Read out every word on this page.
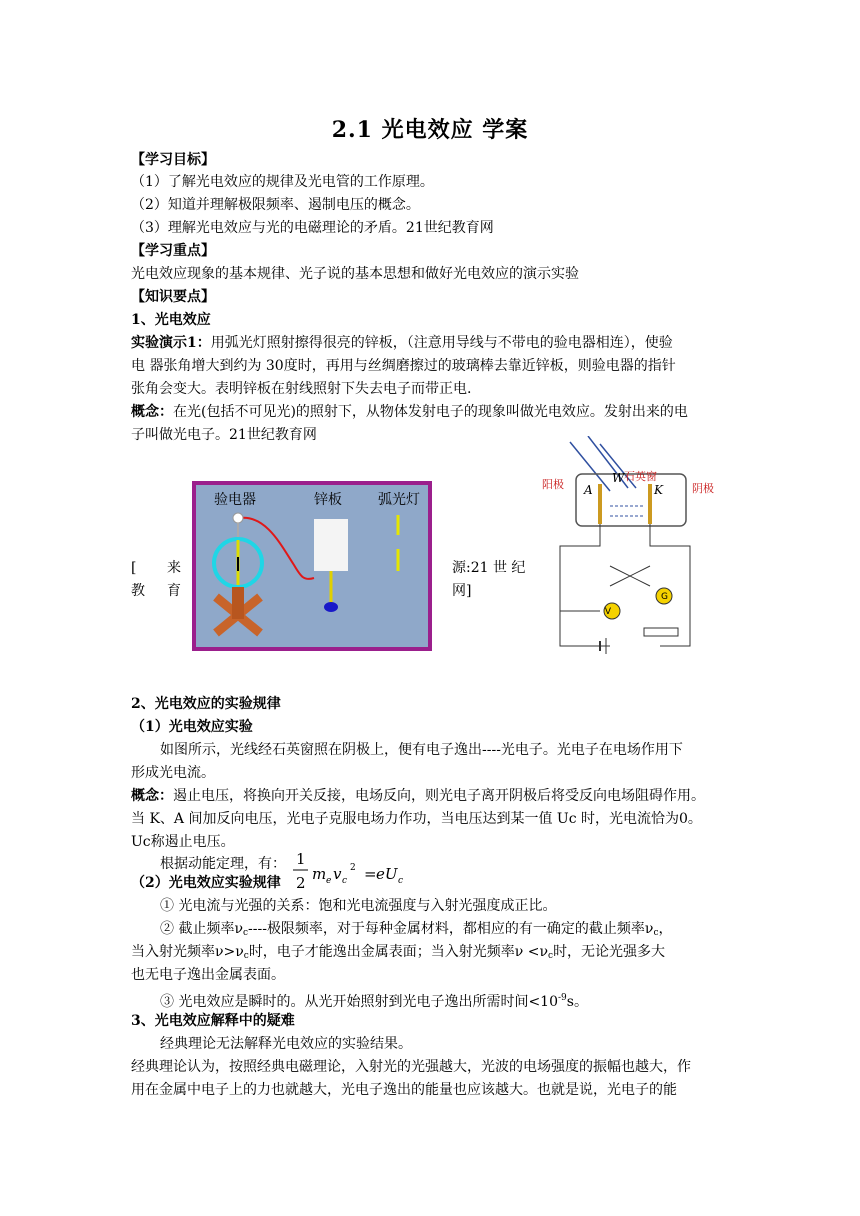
2.1 光电效应 学案
【学习目标】
（1）了解光电效应的规律及光电管的工作原理。
（2）知道并理解极限频率、遏制电压的概念。
（3）理解光电效应与光的电磁理论的矛盾。21世纪教育网
【学习重点】
光电效应现象的基本规律、光子说的基本思想和做好光电效应的演示实验
【知识要点】
1、光电效应
实验演示1：用弧光灯照射擦得很亮的锌板，（注意用导线与不带电的验电器相连），使验
电 器张角增大到约为 30度时，再用与丝绸磨擦过的玻璃棒去靠近锌板，则验电器的指针
张角会变大。表明锌板在射线照射下失去电子而带正电.
概念：在光(包括不可见光)的照射下，从物体发射电子的现象叫做光电效应。发射出来的电
子叫做光电子。21世纪教育网
[ 来	源:21 世 纪
教 育	网]
验电器	锌板	弧光灯
V
G
A	K
W
阳极
石英窗
阴极
2、光电效应的实验规律
（1）光电效应实验
如图所示，光线经石英窗照在阴极上，便有电子逸出----光电子。光电子在电场作用下
形成光电流。
概念：遏止电压，将换向开关反接，电场反向，则光电子离开阴极后将受反向电场阻碍作用。
当 K、A 间加反向电压，光电子克服电场力作功，当电压达到某一值 Uc 时，光电流恰为0。
Uc称遏止电压。
根据动能定理，有： 1
2 m e v c
2 = eU c
（2）光电效应实验规律
① 光电流与光强的关系：饱和光电流强度与入射光强度成正比。
② 截止频率$\nu_c----$极限频率，对于每种金属材料，都相应的有一确定的截止频率$\nu_c$，
当入射光频率$\nu>\nu_c$时，电子才能逸出金属表面；当入射光频率$\nu <\nu_c$时，无论光强多大
也无电子逸出金属表面。
③ 光电效应是瞬时的。从光开始照射到光电子逸出所需时间$<10^{-9}s$。
3、光电效应解释中的疑难
经典理论无法解释光电效应的实验结果。
经典理论认为，按照经典电磁理论，入射光的光强越大，光波的电场强度的振幅也越大，作
用在金属中电子上的力也就越大，光电子逸出的能量也应该越大。也就是说，光电子的能
